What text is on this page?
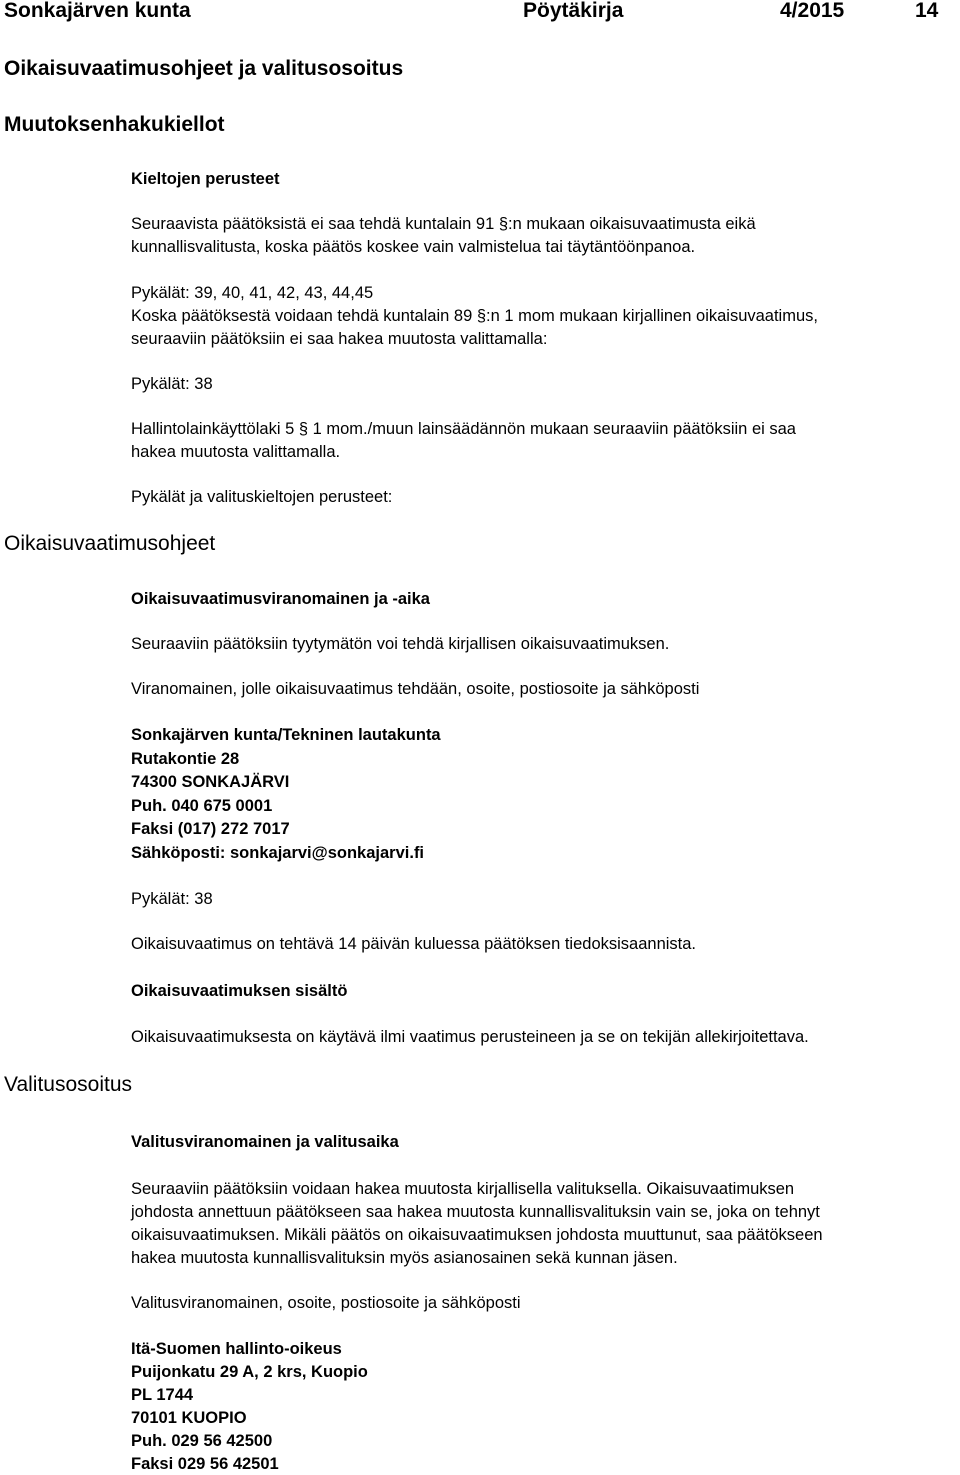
Sonkajärven kunta	Pöytäkirja	4/2015	14
Oikaisuvaatimusohjeet ja valitusosoitus
Muutoksenhakukiellot
Kieltojen perusteet
Seuraavista päätöksistä ei saa tehdä kuntalain 91 §:n mukaan oikaisuvaatimusta eikä
kunnallisvalitusta, koska päätös koskee vain valmistelua tai täytäntöönpanoa.
Pykälät: 39, 40, 41, 42, 43, 44,45
Koska päätöksestä voidaan tehdä kuntalain 89 §:n 1 mom mukaan kirjallinen oikaisuvaatimus,
seuraaviin päätöksiin ei saa hakea muutosta valittamalla:
Pykälät: 38
Hallintolainkäyttölaki 5 § 1 mom./muun lainsäädännön mukaan seuraaviin päätöksiin ei saa
hakea muutosta valittamalla.
Pykälät ja valituskieltojen perusteet:
Oikaisuvaatimusohjeet
Oikaisuvaatimusviranomainen ja -aika
Seuraaviin päätöksiin tyytymätön voi tehdä kirjallisen oikaisuvaatimuksen.
Viranomainen, jolle oikaisuvaatimus tehdään, osoite, postiosoite ja sähköposti
Sonkajärven kunta/Tekninen lautakunta
Rutakontie 28
74300 SONKAJÄRVI
Puh. 040 675 0001
Faksi (017) 272 7017
Sähköposti: sonkajarvi@sonkajarvi.fi
Pykälät: 38
Oikaisuvaatimus on tehtävä 14 päivän kuluessa päätöksen tiedoksisaannista.
Oikaisuvaatimuksen sisältö
Oikaisuvaatimuksesta on käytävä ilmi vaatimus perusteineen ja se on tekijän allekirjoitettava.
Valitusosoitus
Valitusviranomainen ja valitusaika
Seuraaviin päätöksiin voidaan hakea muutosta kirjallisella valituksella. Oikaisuvaatimuksen
johdosta annettuun päätökseen saa hakea muutosta kunnallisvalituksin vain se, joka on tehnyt
oikaisuvaatimuksen. Mikäli päätös on oikaisuvaatimuksen johdosta muuttunut, saa päätökseen
hakea muutosta kunnallisvalituksin myös asianosainen sekä kunnan jäsen.
Valitusviranomainen, osoite, postiosoite ja sähköposti
Itä-Suomen hallinto-oikeus
Puijonkatu 29 A, 2 krs, Kuopio
PL 1744
70101 KUOPIO
Puh. 029 56 42500
Faksi 029 56 42501
